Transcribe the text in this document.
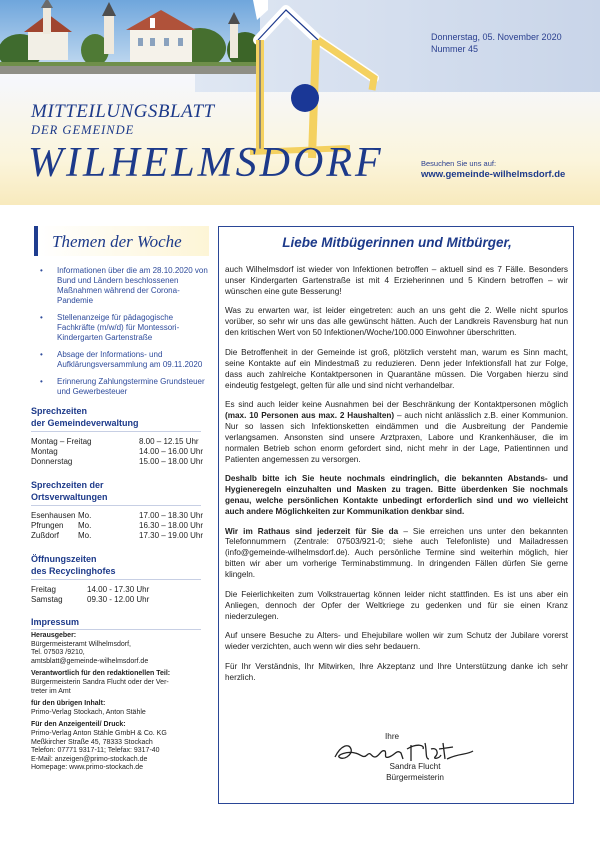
Donnerstag, 05. November 2020
Nummer 45
MITTEILUNGSBLATT
DER GEMEINDE
WILHELMSDORF	Besuchen Sie uns auf:
www.gemeinde-wilhelmsdorf.de
Themen der Woche
• Informationen über die am 28.10.2020 von Bund und Ländern beschlossenen Maßnahmen während der Corona-Pandemie
• Stellenanzeige für pädagogische Fachkräfte (m/w/d) für Montessori-Kindergarten Gartenstraße
• Absage der Informations- und Aufklärungsversammlung am 09.11.2020
• Erinnerung Zahlungstermine Grundsteuer und Gewerbesteuer
Sprechzeiten
der Gemeindeverwaltung
Montag – Freitag	8.00 – 12.15 Uhr
Montag	14.00 – 16.00 Uhr
Donnerstag	15.00 – 18.00 Uhr
Sprechzeiten der
Ortsverwaltungen
Esenhausen Mo.	17.00 – 18.30 Uhr
Pfrungen	Mo.	16.30 – 18.00 Uhr
Zußdorf	Mo.	17.30 – 19.00 Uhr
Öffnungszeiten
des Recyclinghofes
Freitag	14.00 - 17.30 Uhr
Samstag	09.30 - 12.00 Uhr
Impressum
Herausgeber:
Bürgermeisteramt Wilhelmsdorf,
Tel. 07503 /9210,
amtsblatt@gemeinde-wilhelmsdorf.de
Verantwortlich für den redaktionellen Teil:
Bürgermeisterin Sandra Flucht oder der Ver-
treter im Amt
für den übrigen Inhalt:
Primo-Verlag Stockach, Anton Stähle
Für den Anzeigenteil/ Druck:
Primo-Verlag Anton Stähle GmbH & Co. KG
Meßkircher Straße 45, 78333 Stockach
Telefon: 07771 9317-11; Telefax: 9317-40
E-Mail: anzeigen@primo-stockach.de
Homepage: www.primo-stockach.de
Liebe Mitbügerinnen und Mitbürger,

auch Wilhelmsdorf ist wieder von Infektionen betroffen – aktuell sind es 7 Fälle. Besonders unser Kindergarten Gartenstraße ist mit 4 Erzieherinnen und 5 Kindern betroffen – wir wünschen eine gute Besserung!

Was zu erwarten war, ist leider eingetreten: auch an uns geht die 2. Welle nicht spurlos vorüber, so sehr wir uns das alle gewünscht hätten. Auch der Landkreis Ravensburg hat nun den kritischen Wert von 50 Infektionen/Woche/100.000 Einwohner überschritten.

Die Betroffenheit in der Gemeinde ist groß, plötzlich versteht man, warum es Sinn macht, seine Kontakte auf ein Mindestmaß zu reduzieren. Denn jeder Infektionsfall hat zur Folge, dass auch zahlreiche Kontaktpersonen in Quarantäne müssen. Die Vorgaben hierzu sind eindeutig festgelegt, gelten für alle und sind nicht verhandelbar.

Es sind auch leider keine Ausnahmen bei der Beschränkung der Kontaktpersonen möglich (max. 10 Personen aus max. 2 Haushalten) – auch nicht anlässlich z.B. einer Kommunion. Nur so lassen sich Infektionsketten eindämmen und die Ausbreitung der Pandemie verlangsamen. Ansonsten sind unsere Arztpraxen, Labore und Krankenhäuser, die im normalen Betrieb schon enorm gefordert sind, nicht mehr in der Lage, Patientinnen und Patienten angemessen zu versorgen.

Deshalb bitte ich Sie heute nochmals eindringlich, die bekannten Abstands- und Hygieneregeln einzuhalten und Masken zu tragen. Bitte überdenken Sie nochmals genau, welche persönlichen Kontakte unbedingt erforderlich sind und wo vielleicht auch andere Möglichkeiten zur Kommunikation denkbar sind.

Wir im Rathaus sind jederzeit für Sie da – Sie erreichen uns unter den bekannten Telefonnummern (Zentrale: 07503/921-0; siehe auch Telefonliste) und Mailadressen (info@gemeinde-wilhelmsdorf.de). Auch persönliche Termine sind weiterhin möglich, hier bitten wir aber um vorherige Terminabstimmung. In dringenden Fällen dürfen Sie gerne klingeln.

Die Feierlichkeiten zum Volkstrauertag können leider nicht stattfinden. Es ist uns aber ein Anliegen, dennoch der Opfer der Weltkriege zu gedenken und für sie einen Kranz niederzulegen.

Auf unsere Besuche zu Alters- und Ehejubilare wollen wir zum Schutz der Jubilare vorerst wieder verzichten, auch wenn wir dies sehr bedauern.

Für Ihr Verständnis, Ihr Mitwirken, Ihre Akzeptanz und Ihre Unterstützung danke ich sehr herzlich.

Ihre
Sandra Flucht
Bürgermeisterin
